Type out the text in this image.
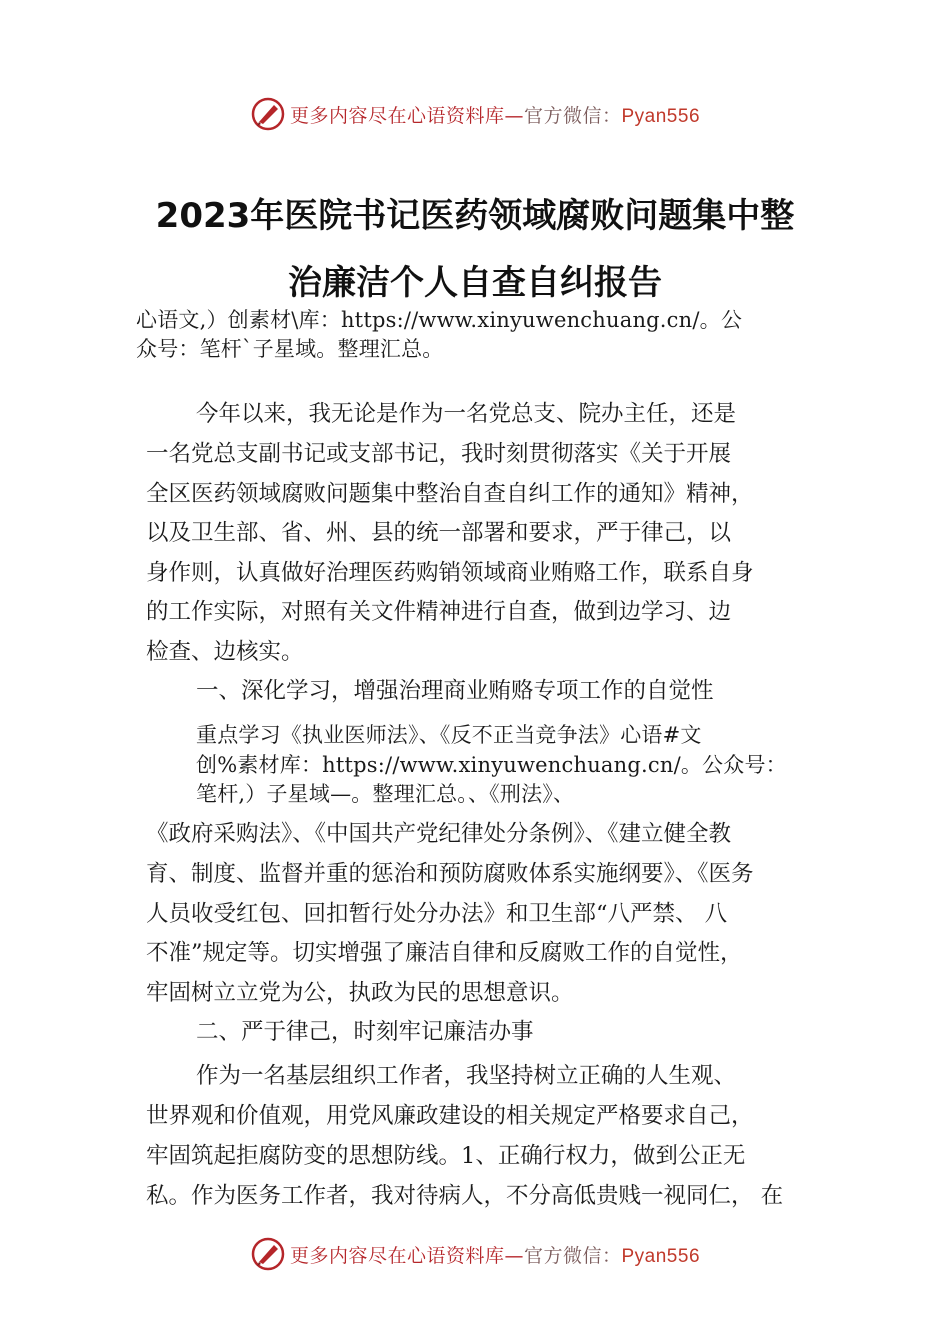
更多内容尽在心语资料库—官方微信：Pyan556
2023年医院书记医药领域腐败问题集中整
治廉洁个人自查自纠报告
心语文,）创素材\库：https://www.xinyuwenchuang.cn/。公
众号：笔杆`子星域。整理汇总。
今年以来，我无论是作为一名党总支、院办主任，还是
一名党总支副书记或支部书记，我时刻贯彻落实《关于开展
全区医药领域腐败问题集中整治自查自纠工作的通知》精神，
以及卫生部、省、州、县的统一部署和要求，严于律己，以
身作则，认真做好治理医药购销领域商业贿赂工作，联系自身
的工作实际，对照有关文件精神进行自查，做到边学习、边
检查、边核实。
一、深化学习，增强治理商业贿赂专项工作的自觉性
重点学习《执业医师法》、《反不正当竞争法》心语#文
创%素材库：https://www.xinyuwenchuang.cn/。公众号：
笔杆,）子星域—。整理汇总。、《刑法》、
《政府采购法》、《中国共产党纪律处分条例》、《建立健全教
育、制度、监督并重的惩治和预防腐败体系实施纲要》、《医务
人员收受红包、回扣暂行处分办法》和卫生部“八严禁、 八
不准”规定等。切实增强了廉洁自律和反腐败工作的自觉性，
牢固树立立党为公，执政为民的思想意识。
二、严于律己，时刻牢记廉洁办事
作为一名基层组织工作者，我坚持树立正确的人生观、
世界观和价值观，用党风廉政建设的相关规定严格要求自己，
牢固筑起拒腐防变的思想防线。1、正确行权力，做到公正无
私。作为医务工作者，我对待病人，不分高低贵贱一视同仁， 在
更多内容尽在心语资料库—官方微信：Pyan556
